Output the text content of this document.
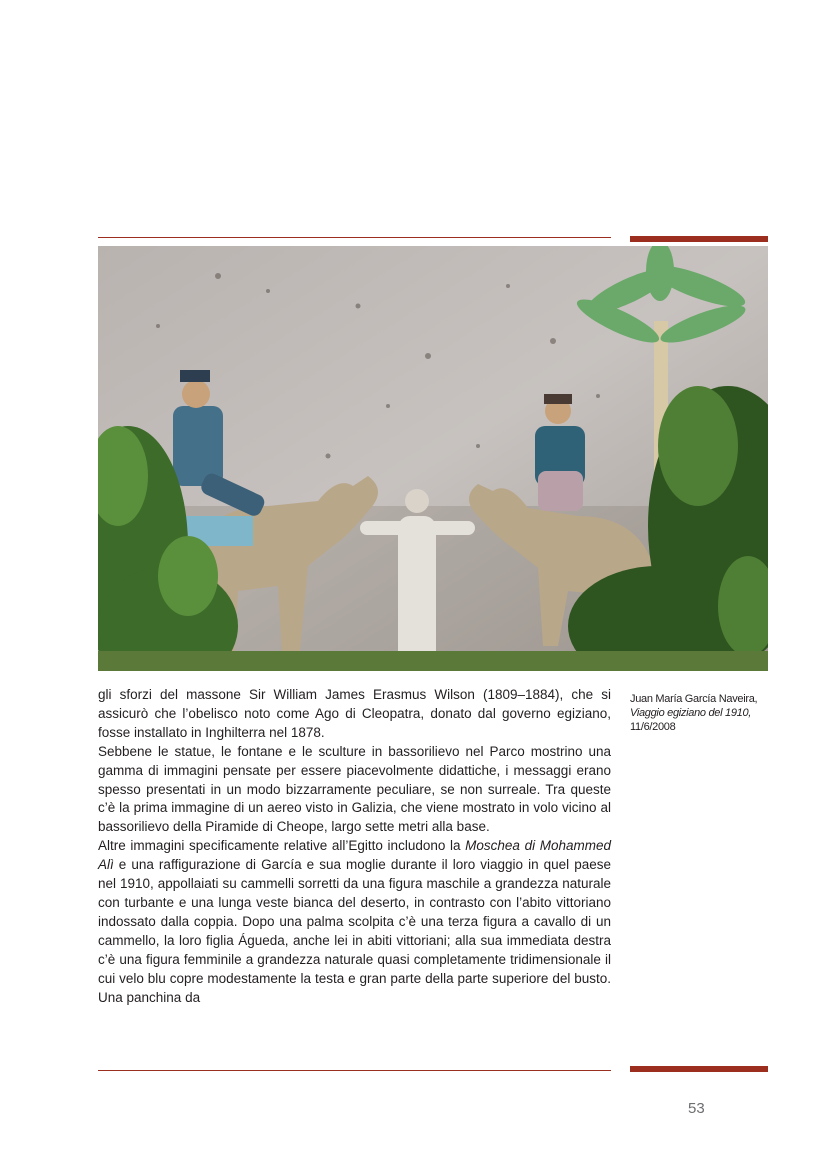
gli sforzi del massone Sir William James Erasmus Wilson (1809–1884), che si assicurò che l’obelisco noto come Ago di Cleopatra, donato dal governo egiziano, fosse installato in Inghilterra nel 1878.

Sebbene le statue, le fontane e le sculture in bassorilievo nel Parco mostrino una gamma di immagini pensate per essere piacevolmente didattiche, i messaggi erano spesso presentati in un modo bizzarramente peculiare, se non surreale. Tra queste c’è la prima immagine di un aereo visto in Galizia, che viene mostrato in volo vicino al bassorilievo della Piramide di Cheope, largo sette metri alla base.

Altre immagini specificamente relative all’Egitto includono la Moschea di Mohammed Alì e una raffigurazione di García e sua moglie durante il loro viaggio in quel paese nel 1910, appollaiati su cammelli sorretti da una figura maschile a grandezza naturale con turbante e una lunga veste bianca del deserto, in contrasto con l’abito vittoriano indossato dalla coppia. Dopo una palma scolpita c’è una terza figura a cavallo di un cammello, la loro figlia Águeda, anche lei in abiti vittoriani; alla sua immediata destra c’è una figura femminile a grandezza naturale quasi completamente tridimensionale il cui velo blu copre modestamente la testa e gran parte della parte superiore del busto. Una panchina da

Juan María García Naveira,
Viaggio egiziano del 1910,
11/6/2008
53
